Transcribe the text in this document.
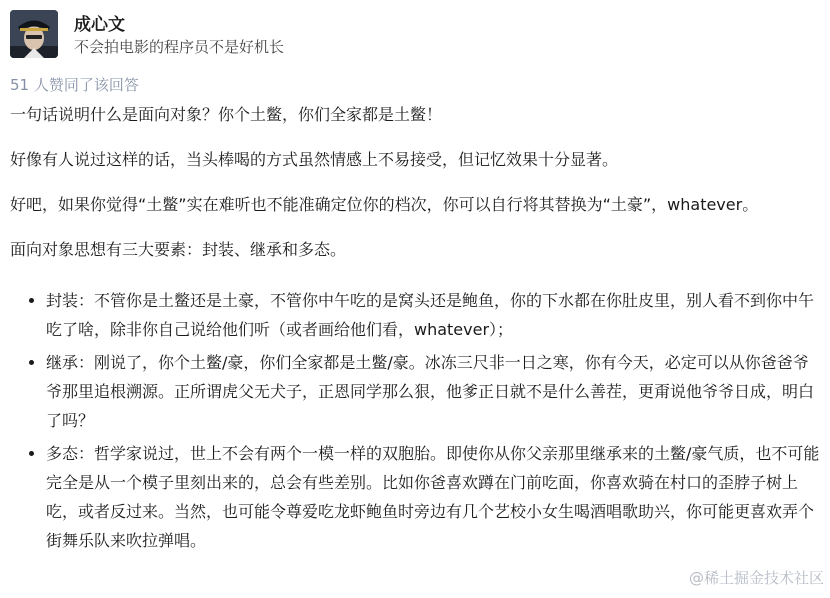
成心文
不会拍电影的程序员不是好机长
51 人赞同了该回答

一句话说明什么是面向对象？你个土鳖，你们全家都是土鳖！

好像有人说过这样的话，当头棒喝的方式虽然情感上不易接受，但记忆效果十分显著。

好吧，如果你觉得“土鳖”实在难听也不能准确定位你的档次，你可以自行将其替换为“土豪”，whatever。

面向对象思想有三大要素：封装、继承和多态。

• 封装：不管你是土鳖还是土豪，不管你中午吃的是窝头还是鲍鱼，你的下水都在你肚皮里，别人看不到你中午吃了啥，除非你自己说给他们听（或者画给他们看，whatever）；
• 继承：刚说了，你个土鳖/豪，你们全家都是土鳖/豪。冰冻三尺非一日之寒，你有今天，必定可以从你爸爸爷爷那里追根溯源。正所谓虎父无犬子，正恩同学那么狠，他爹正日就不是什么善茬，更甭说他爷爷日成，明白了吗？
• 多态：哲学家说过，世上不会有两个一模一样的双胞胎。即使你从你父亲那里继承来的土鳖/豪气质，也不可能完全是从一个模子里刻出来的，总会有些差别。比如你爸喜欢蹲在门前吃面，你喜欢骑在村口的歪脖子树上吃，或者反过来。当然，也可能令尊爱吃龙虾鲍鱼时旁边有几个艺校小女生喝酒唱歌助兴，你可能更喜欢弄个街舞乐队来吹拉弹唱。
@稀土掘金技术社区
